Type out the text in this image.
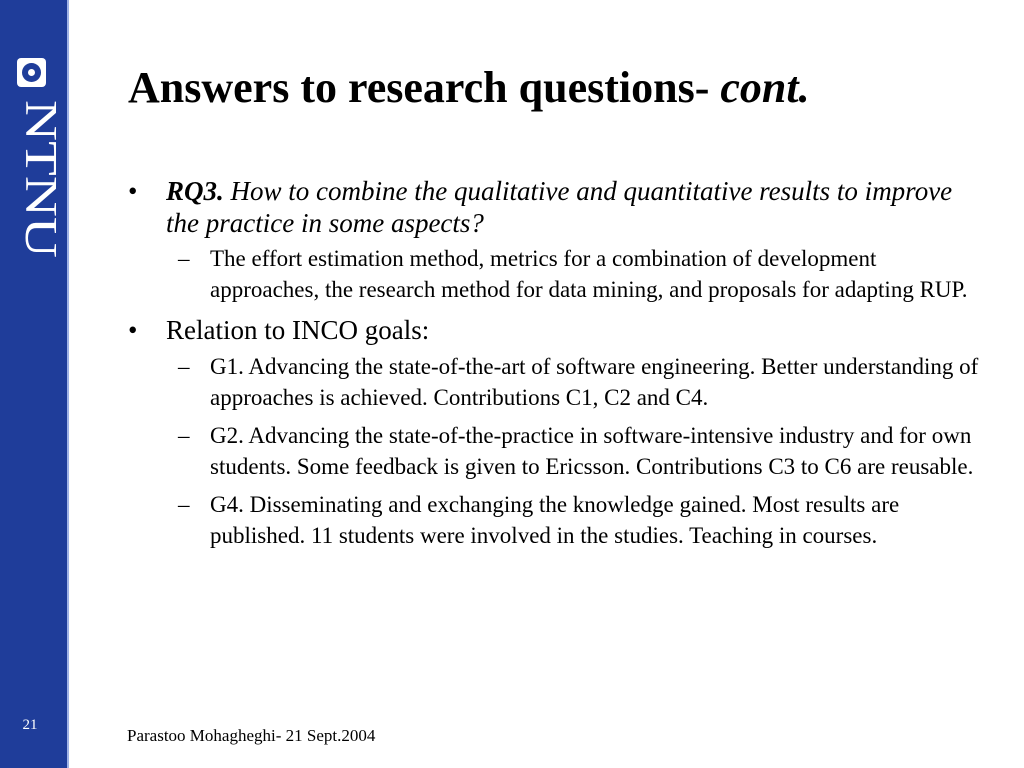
NTNU
21
Answers to research questions- cont.
• RQ3. How to combine the qualitative and quantitative results to improve the practice in some aspects?
– The effort estimation method, metrics for a combination of development approaches, the research method for data mining, and proposals for adapting RUP.
• Relation to INCO goals:
– G1. Advancing the state-of-the-art of software engineering. Better understanding of approaches is achieved. Contributions C1, C2 and C4.
– G2. Advancing the state-of-the-practice in software-intensive industry and for own students. Some feedback is given to Ericsson. Contributions C3 to C6 are reusable.
– G4. Disseminating and exchanging the knowledge gained. Most results are published. 11 students were involved in the studies. Teaching in courses.
Parastoo Mohagheghi- 21 Sept.2004
